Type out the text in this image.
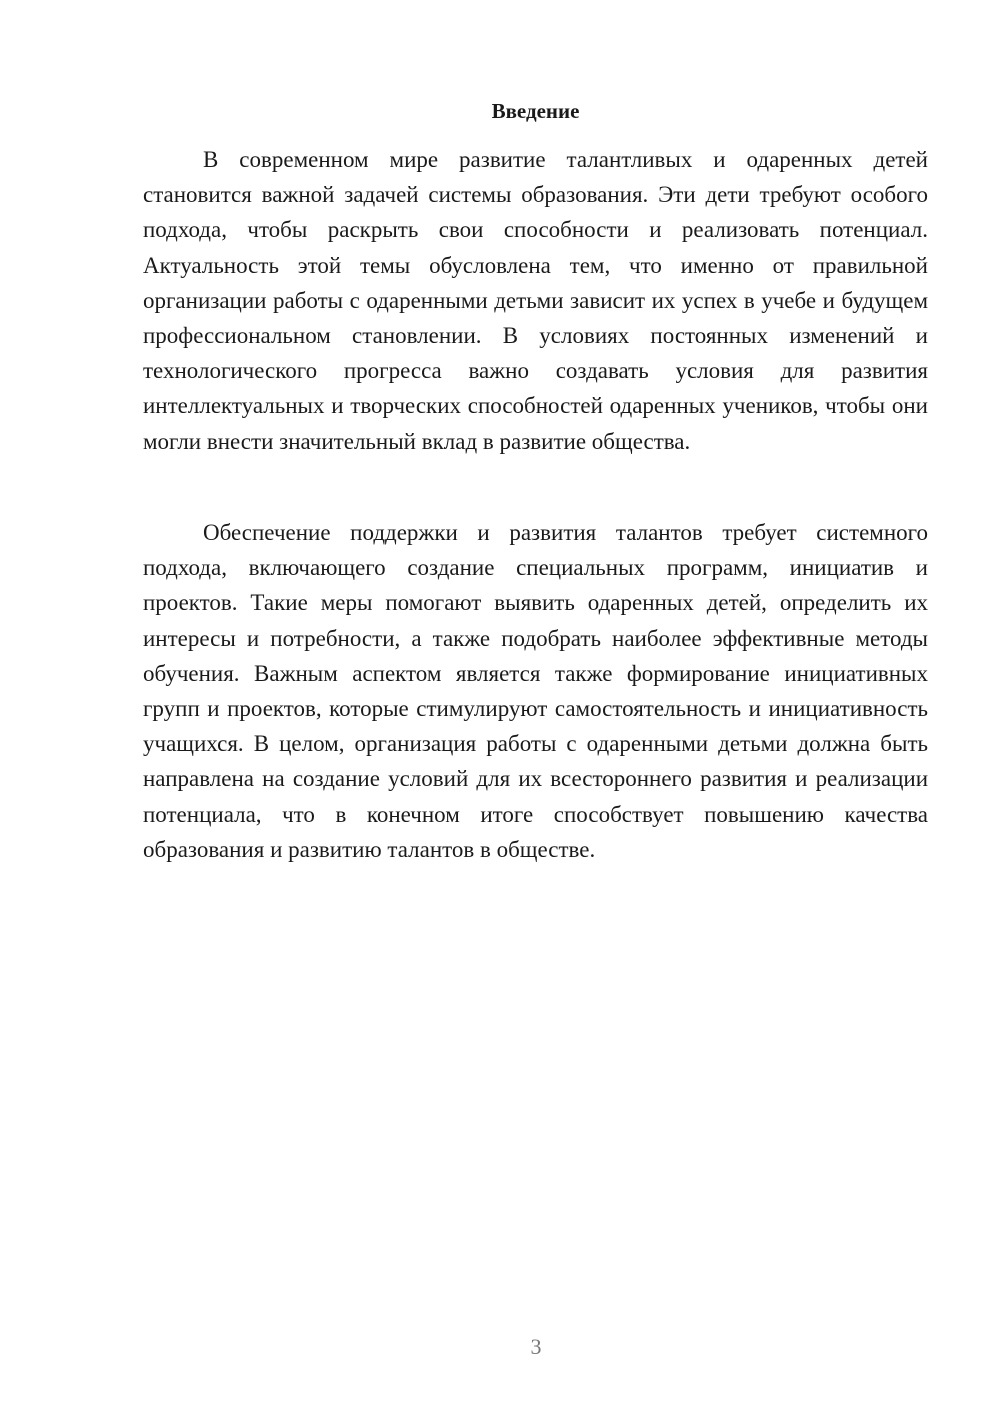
Введение

В современном мире развитие талантливых и одаренных детей становится важной задачей системы образования. Эти дети требуют особого подхода, чтобы раскрыть свои способности и реализовать потенциал. Актуальность этой темы обусловлена тем, что именно от правильной организации работы с одаренными детьми зависит их успех в учебе и будущем профессиональном становлении. В условиях постоянных изменений и технологического прогресса важно создавать условия для развития интеллектуальных и творческих способностей одаренных учеников, чтобы они могли внести значительный вклад в развитие общества.

Обеспечение поддержки и развития талантов требует системного подхода, включающего создание специальных программ, инициатив и проектов. Такие меры помогают выявить одаренных детей, определить их интересы и потребности, а также подобрать наиболее эффективные методы обучения. Важным аспектом является также формирование инициативных групп и проектов, которые стимулируют самостоятельность и инициативность учащихся. В целом, организация работы с одаренными детьми должна быть направлена на создание условий для их всестороннего развития и реализации потенциала, что в конечном итоге способствует повышению качества образования и развитию талантов в обществе.

3
